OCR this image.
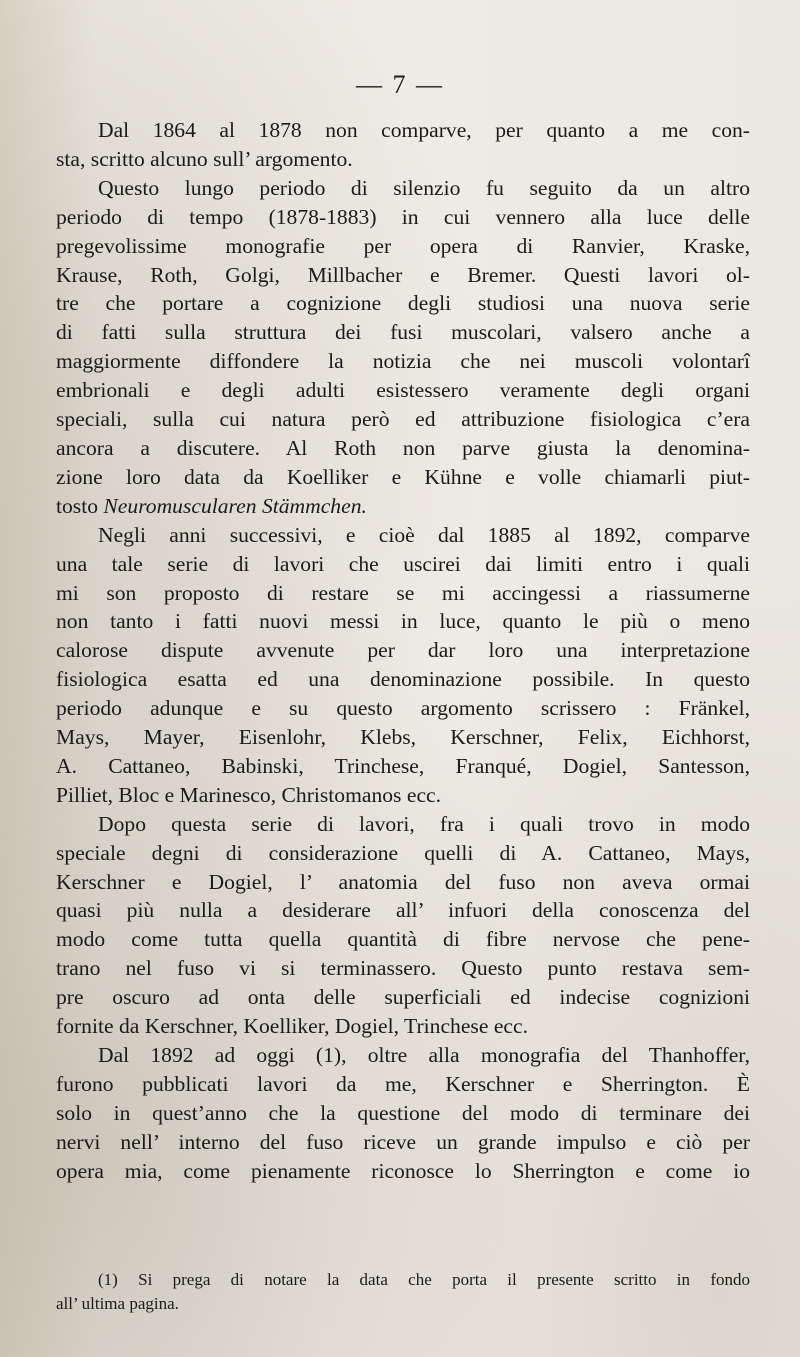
— 7 —
Dal 1864 al 1878 non comparve, per quanto a me con-
sta, scritto alcuno sull’ argomento.
Questo lungo periodo di silenzio fu seguito da un altro
periodo di tempo (1878-1883) in cui vennero alla luce delle
pregevolissime monografie per opera di Ranvier, Kraske,
Krause, Roth, Golgi, Millbacher e Bremer. Questi lavori ol-
tre che portare a cognizione degli studiosi una nuova serie
di fatti sulla struttura dei fusi muscolari, valsero anche a
maggiormente diffondere la notizia che nei muscoli volontarî
embrionali e degli adulti esistessero veramente degli organi
speciali, sulla cui natura però ed attribuzione fisiologica c’era
ancora a discutere. Al Roth non parve giusta la denomina-
zione loro data da Koelliker e Kühne e volle chiamarli piut-
tosto Neuromuscularen Stämmchen.
Negli anni successivi, e cioè dal 1885 al 1892, comparve
una tale serie di lavori che uscirei dai limiti entro i quali
mi son proposto di restare se mi accingessi a riassumerne
non tanto i fatti nuovi messi in luce, quanto le più o meno
calorose dispute avvenute per dar loro una interpretazione
fisiologica esatta ed una denominazione possibile. In questo
periodo adunque e su questo argomento scrissero : Fränkel,
Mays, Mayer, Eisenlohr, Klebs, Kerschner, Felix, Eichhorst,
A. Cattaneo, Babinski, Trinchese, Franqué, Dogiel, Santesson,
Pilliet, Bloc e Marinesco, Christomanos ecc.
Dopo questa serie di lavori, fra i quali trovo in modo
speciale degni di considerazione quelli di A. Cattaneo, Mays,
Kerschner e Dogiel, l’ anatomia del fuso non aveva ormai
quasi più nulla a desiderare all’ infuori della conoscenza del
modo come tutta quella quantità di fibre nervose che pene-
trano nel fuso vi si terminassero. Questo punto restava sem-
pre oscuro ad onta delle superficiali ed indecise cognizioni
fornite da Kerschner, Koelliker, Dogiel, Trinchese ecc.
Dal 1892 ad oggi (1), oltre alla monografia del Thanhoffer,
furono pubblicati lavori da me, Kerschner e Sherrington. È
solo in quest’anno che la questione del modo di terminare dei
nervi nell’ interno del fuso riceve un grande impulso e ciò per
opera mia, come pienamente riconosce lo Sherrington e come io
(1) Si prega di notare la data che porta il presente scritto in fondo
all’ ultima pagina.
